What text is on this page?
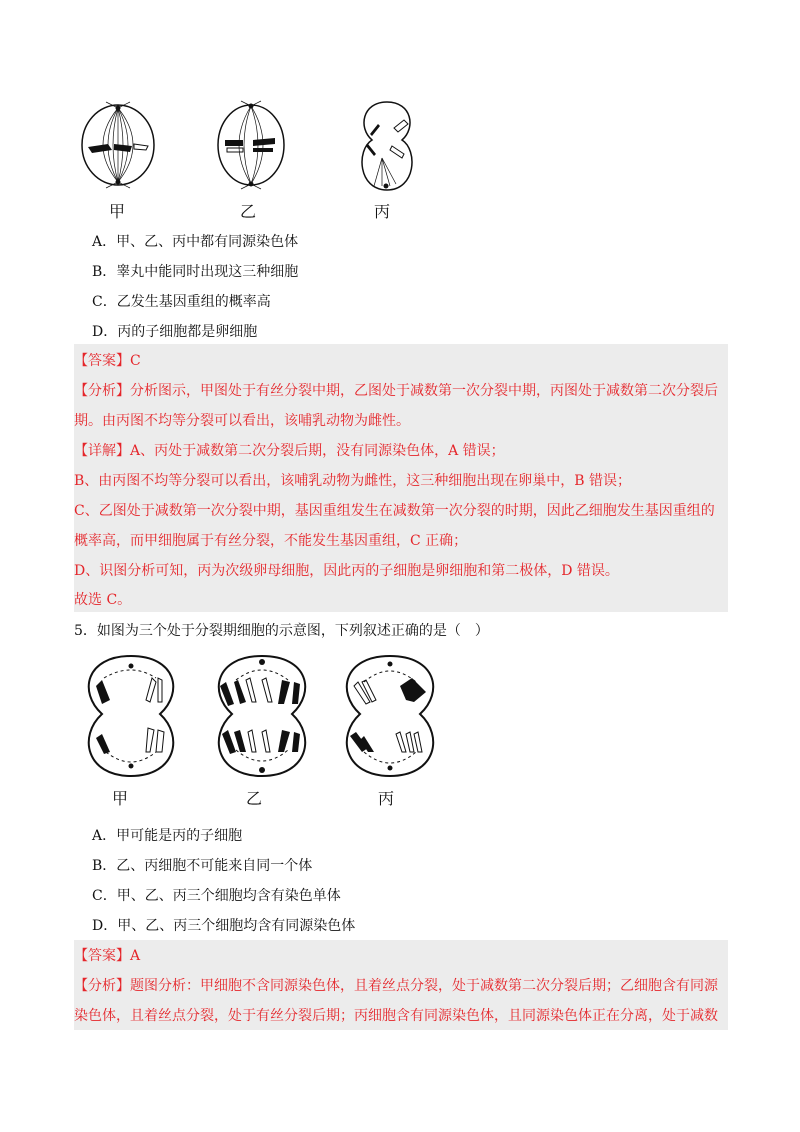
甲	乙	丙
A．甲、乙、丙中都有同源染色体
B．睾丸中能同时出现这三种细胞
C．乙发生基因重组的概率高
D．丙的子细胞都是卵细胞
【答案】C
【分析】分析图示，甲图处于有丝分裂中期，乙图处于减数第一次分裂中期，丙图处于减数第二次分裂后
期。由丙图不均等分裂可以看出，该哺乳动物为雌性。
【详解】A、丙处于减数第二次分裂后期，没有同源染色体，A 错误；
B、由丙图不均等分裂可以看出，该哺乳动物为雌性，这三种细胞出现在卵巢中，B 错误；
C、乙图处于减数第一次分裂中期，基因重组发生在减数第一次分裂的时期，因此乙细胞发生基因重组的
概率高，而甲细胞属于有丝分裂，不能发生基因重组，C 正确；
D、识图分析可知，丙为次级卵母细胞，因此丙的子细胞是卵细胞和第二极体，D 错误。
故选 C。
5．如图为三个处于分裂期细胞的示意图，下列叙述正确的是（　）
甲	乙	丙
A．甲可能是丙的子细胞
B．乙、丙细胞不可能来自同一个体
C．甲、乙、丙三个细胞均含有染色单体
D．甲、乙、丙三个细胞均含有同源染色体
【答案】A
【分析】题图分析：甲细胞不含同源染色体，且着丝点分裂，处于减数第二次分裂后期；乙细胞含有同源
染色体，且着丝点分裂，处于有丝分裂后期；丙细胞含有同源染色体，且同源染色体正在分离，处于减数
